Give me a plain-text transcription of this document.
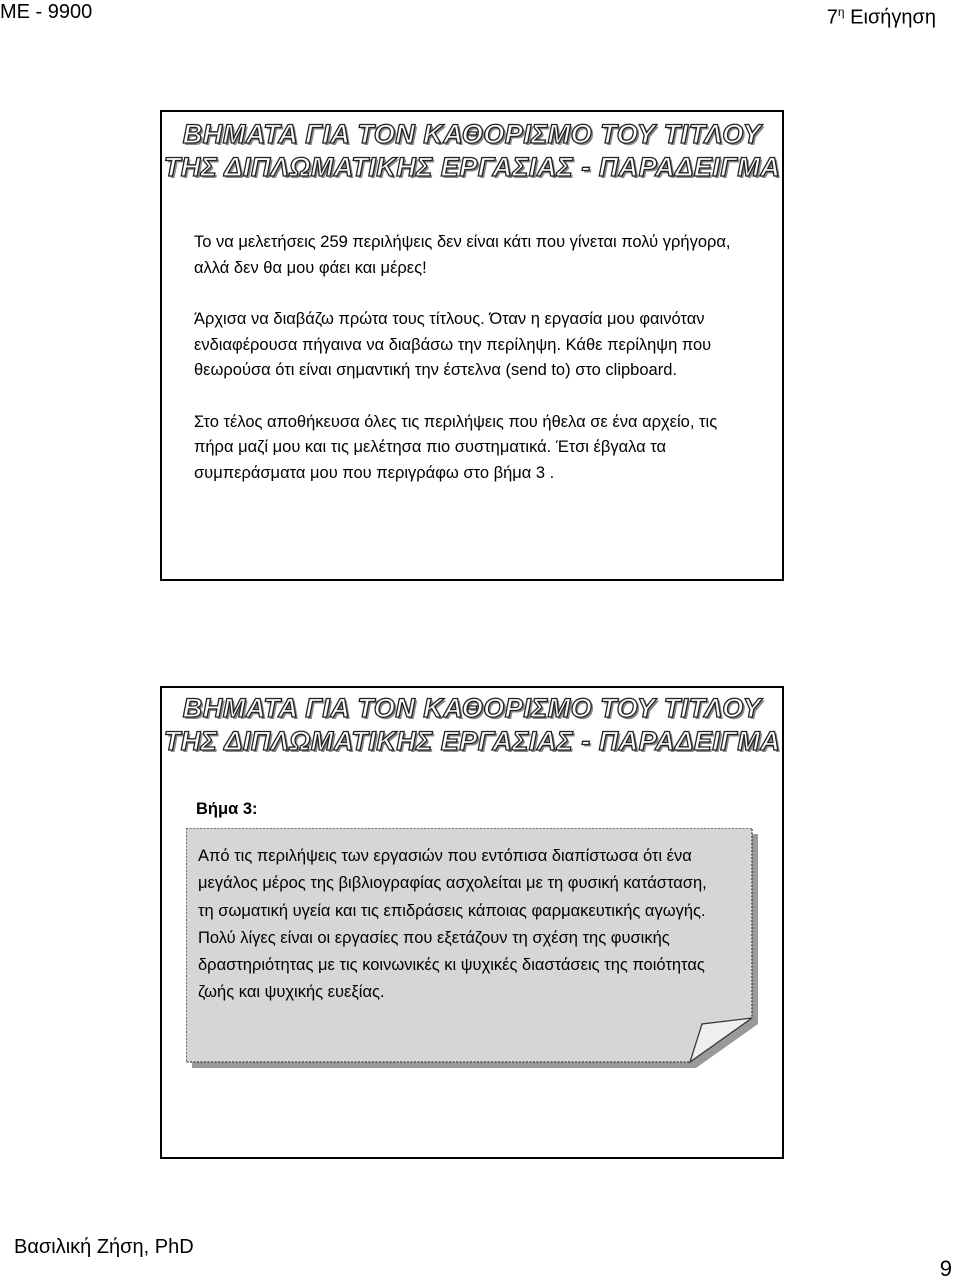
ΜΕ - 9900	$7^\eta$ Εισήγηση
ΒΗΜΑΤΑ ΓΙΑ ΤΟΝ ΚΑΘΟΡΙΣΜΟ ΤΟΥ ΤΙΤΛΟΥ
ΤΗΣ ΔΙΠΛΩΜΑΤΙΚΗΣ ΕΡΓΑΣΙΑΣ - ΠΑΡΑΔΕΙΓΜΑ

Το να μελετήσεις 259 περιλήψεις δεν είναι κάτι που γίνεται πολύ γρήγορα, αλλά δεν θα μου φάει και μέρες!

Άρχισα να διαβάζω πρώτα τους τίτλους. Όταν η εργασία μου φαινόταν ενδιαφέρουσα πήγαινα να διαβάσω την περίληψη. Κάθε περίληψη που θεωρούσα ότι είναι σημαντική την έστελνα (send to) στο clipboard.

Στο τέλος αποθήκευσα όλες τις περιλήψεις που ήθελα σε ένα αρχείο, τις πήρα μαζί μου και τις μελέτησα πιο συστηματικά. Έτσι έβγαλα τα συμπεράσματα μου που περιγράφω στο βήμα 3 .

ΒΗΜΑΤΑ ΓΙΑ ΤΟΝ ΚΑΘΟΡΙΣΜΟ ΤΟΥ ΤΙΤΛΟΥ
ΤΗΣ ΔΙΠΛΩΜΑΤΙΚΗΣ ΕΡΓΑΣΙΑΣ - ΠΑΡΑΔΕΙΓΜΑ
Βήμα 3:
Από τις περιλήψεις των εργασιών που εντόπισα διαπίστωσα ότι ένα μεγάλος μέρος της βιβλιογραφίας ασχολείται με τη φυσική κατάσταση, τη σωματική υγεία και τις επιδράσεις κάποιας φαρμακευτικής αγωγής. Πολύ λίγες είναι οι εργασίες που εξετάζουν τη σχέση της φυσικής δραστηριότητας με τις κοινωνικές κι ψυχικές διαστάσεις της ποιότητας ζωής και ψυχικής ευεξίας.
Βασιλική Ζήση, PhD
9
